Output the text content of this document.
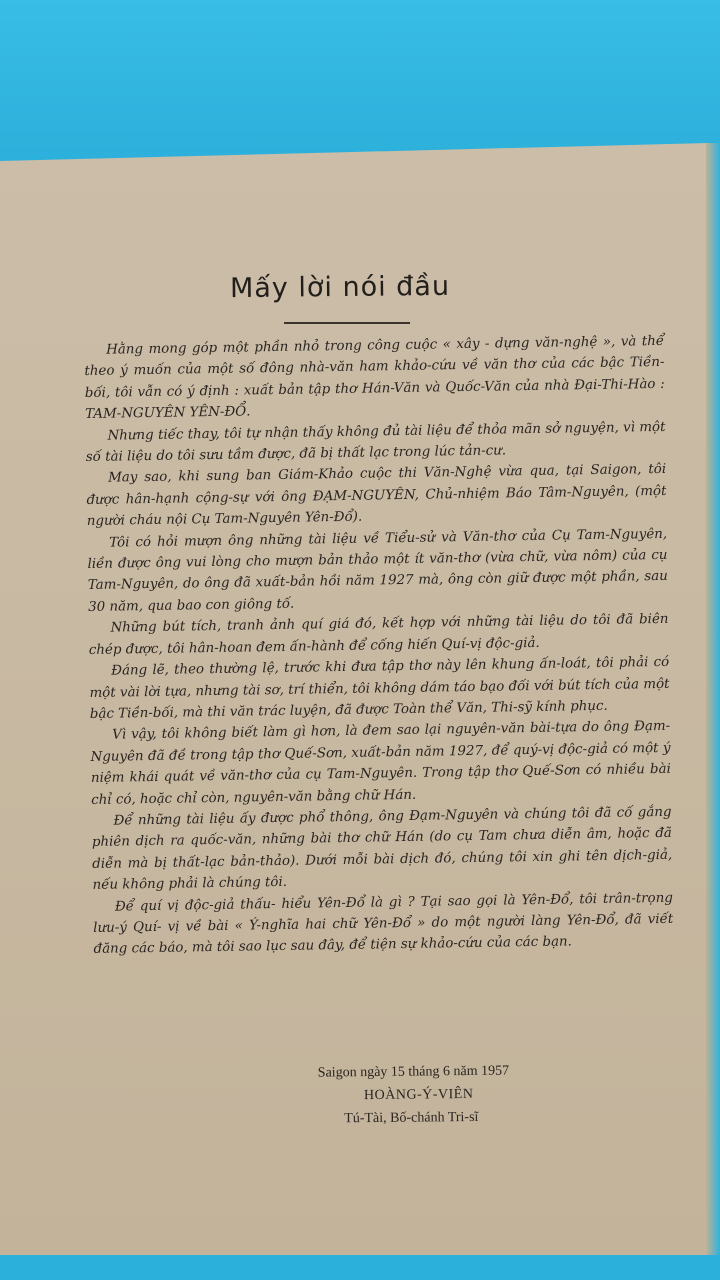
Mấy lời nói đầu

Hằng mong góp một phần nhỏ trong công cuộc « xây - dựng văn-nghệ », và thể theo ý muốn của một số đông nhà-văn ham khảo-cứu về văn thơ của các bậc Tiền-bối, tôi vẫn có ý định : xuất bản tập thơ Hán-Văn và Quốc-Văn của nhà Đại-Thi-Hào : TAM-NGUYÊN YÊN-ĐỔ.

Nhưng tiếc thay, tôi tự nhận thấy không đủ tài liệu để thỏa mãn sở nguyện, vì một số tài liệu do tôi sưu tầm được, đã bị thất lạc trong lúc tản-cư.

May sao, khi sung ban Giám-Khảo cuộc thi Văn-Nghệ vừa qua, tại Saigon, tôi được hân-hạnh cộng-sự với ông ĐẠM-NGUYÊN, Chủ-nhiệm Báo Tâm-Nguyên, (một người cháu nội Cụ Tam-Nguyên Yên-Đổ).

Tôi có hỏi mượn ông những tài liệu về Tiểu-sử và Văn-thơ của Cụ Tam-Nguyên, liền được ông vui lòng cho mượn bản thảo một ít văn-thơ (vừa chữ, vừa nôm) của cụ Tam-Nguyên, do ông đã xuất-bản hồi năm 1927 mà, ông còn giữ được một phần, sau 30 năm, qua bao con giông tố.

Những bút tích, tranh ảnh quí giá đó, kết hợp với những tài liệu do tôi đã biên chép được, tôi hân-hoan đem ấn-hành để cống hiến Quí-vị độc-giả.

Đáng lẽ, theo thường lệ, trước khi đưa tập thơ này lên khung ấn-loát, tôi phải có một vài lời tựa, nhưng tài sơ, trí thiển, tôi không dám táo bạo đối với bút tích của một bậc Tiền-bối, mà thi văn trác luyện, đã được Toàn thể Văn, Thi-sỹ kính phục.

Vì vậy, tôi không biết làm gì hơn, là đem sao lại nguyên-văn bài-tựa do ông Đạm-Nguyên đã đề trong tập thơ Quế-Sơn, xuất-bản năm 1927, để quý-vị độc-giả có một ý niệm khái quát về văn-thơ của cụ Tam-Nguyên. Trong tập thơ Quế-Sơn có nhiều bài chỉ có, hoặc chỉ còn, nguyên-văn bằng chữ Hán.

Để những tài liệu ấy được phổ thông, ông Đạm-Nguyên và chúng tôi đã cố gắng phiên dịch ra quốc-văn, những bài thơ chữ Hán (do cụ Tam chưa diễn âm, hoặc đã diễn mà bị thất-lạc bản-thảo). Dưới mỗi bài dịch đó, chúng tôi xin ghi tên dịch-giả, nếu không phải là chúng tôi.

Để quí vị độc-giả thấu- hiểu Yên-Đổ là gì ? Tại sao gọi là Yên-Đổ, tôi trân-trọng lưu-ý Quí- vị về bài « Ý-nghĩa hai chữ Yên-Đổ » do một người làng Yên-Đổ, đã viết đăng các báo, mà tôi sao lục sau đây, để tiện sự khảo-cứu của các bạn.

Saigon ngày 15 tháng 6 năm 1957
HOÀNG-Ý-VIÊN
Tú-Tài, Bố-chánh Tri-sĩ
